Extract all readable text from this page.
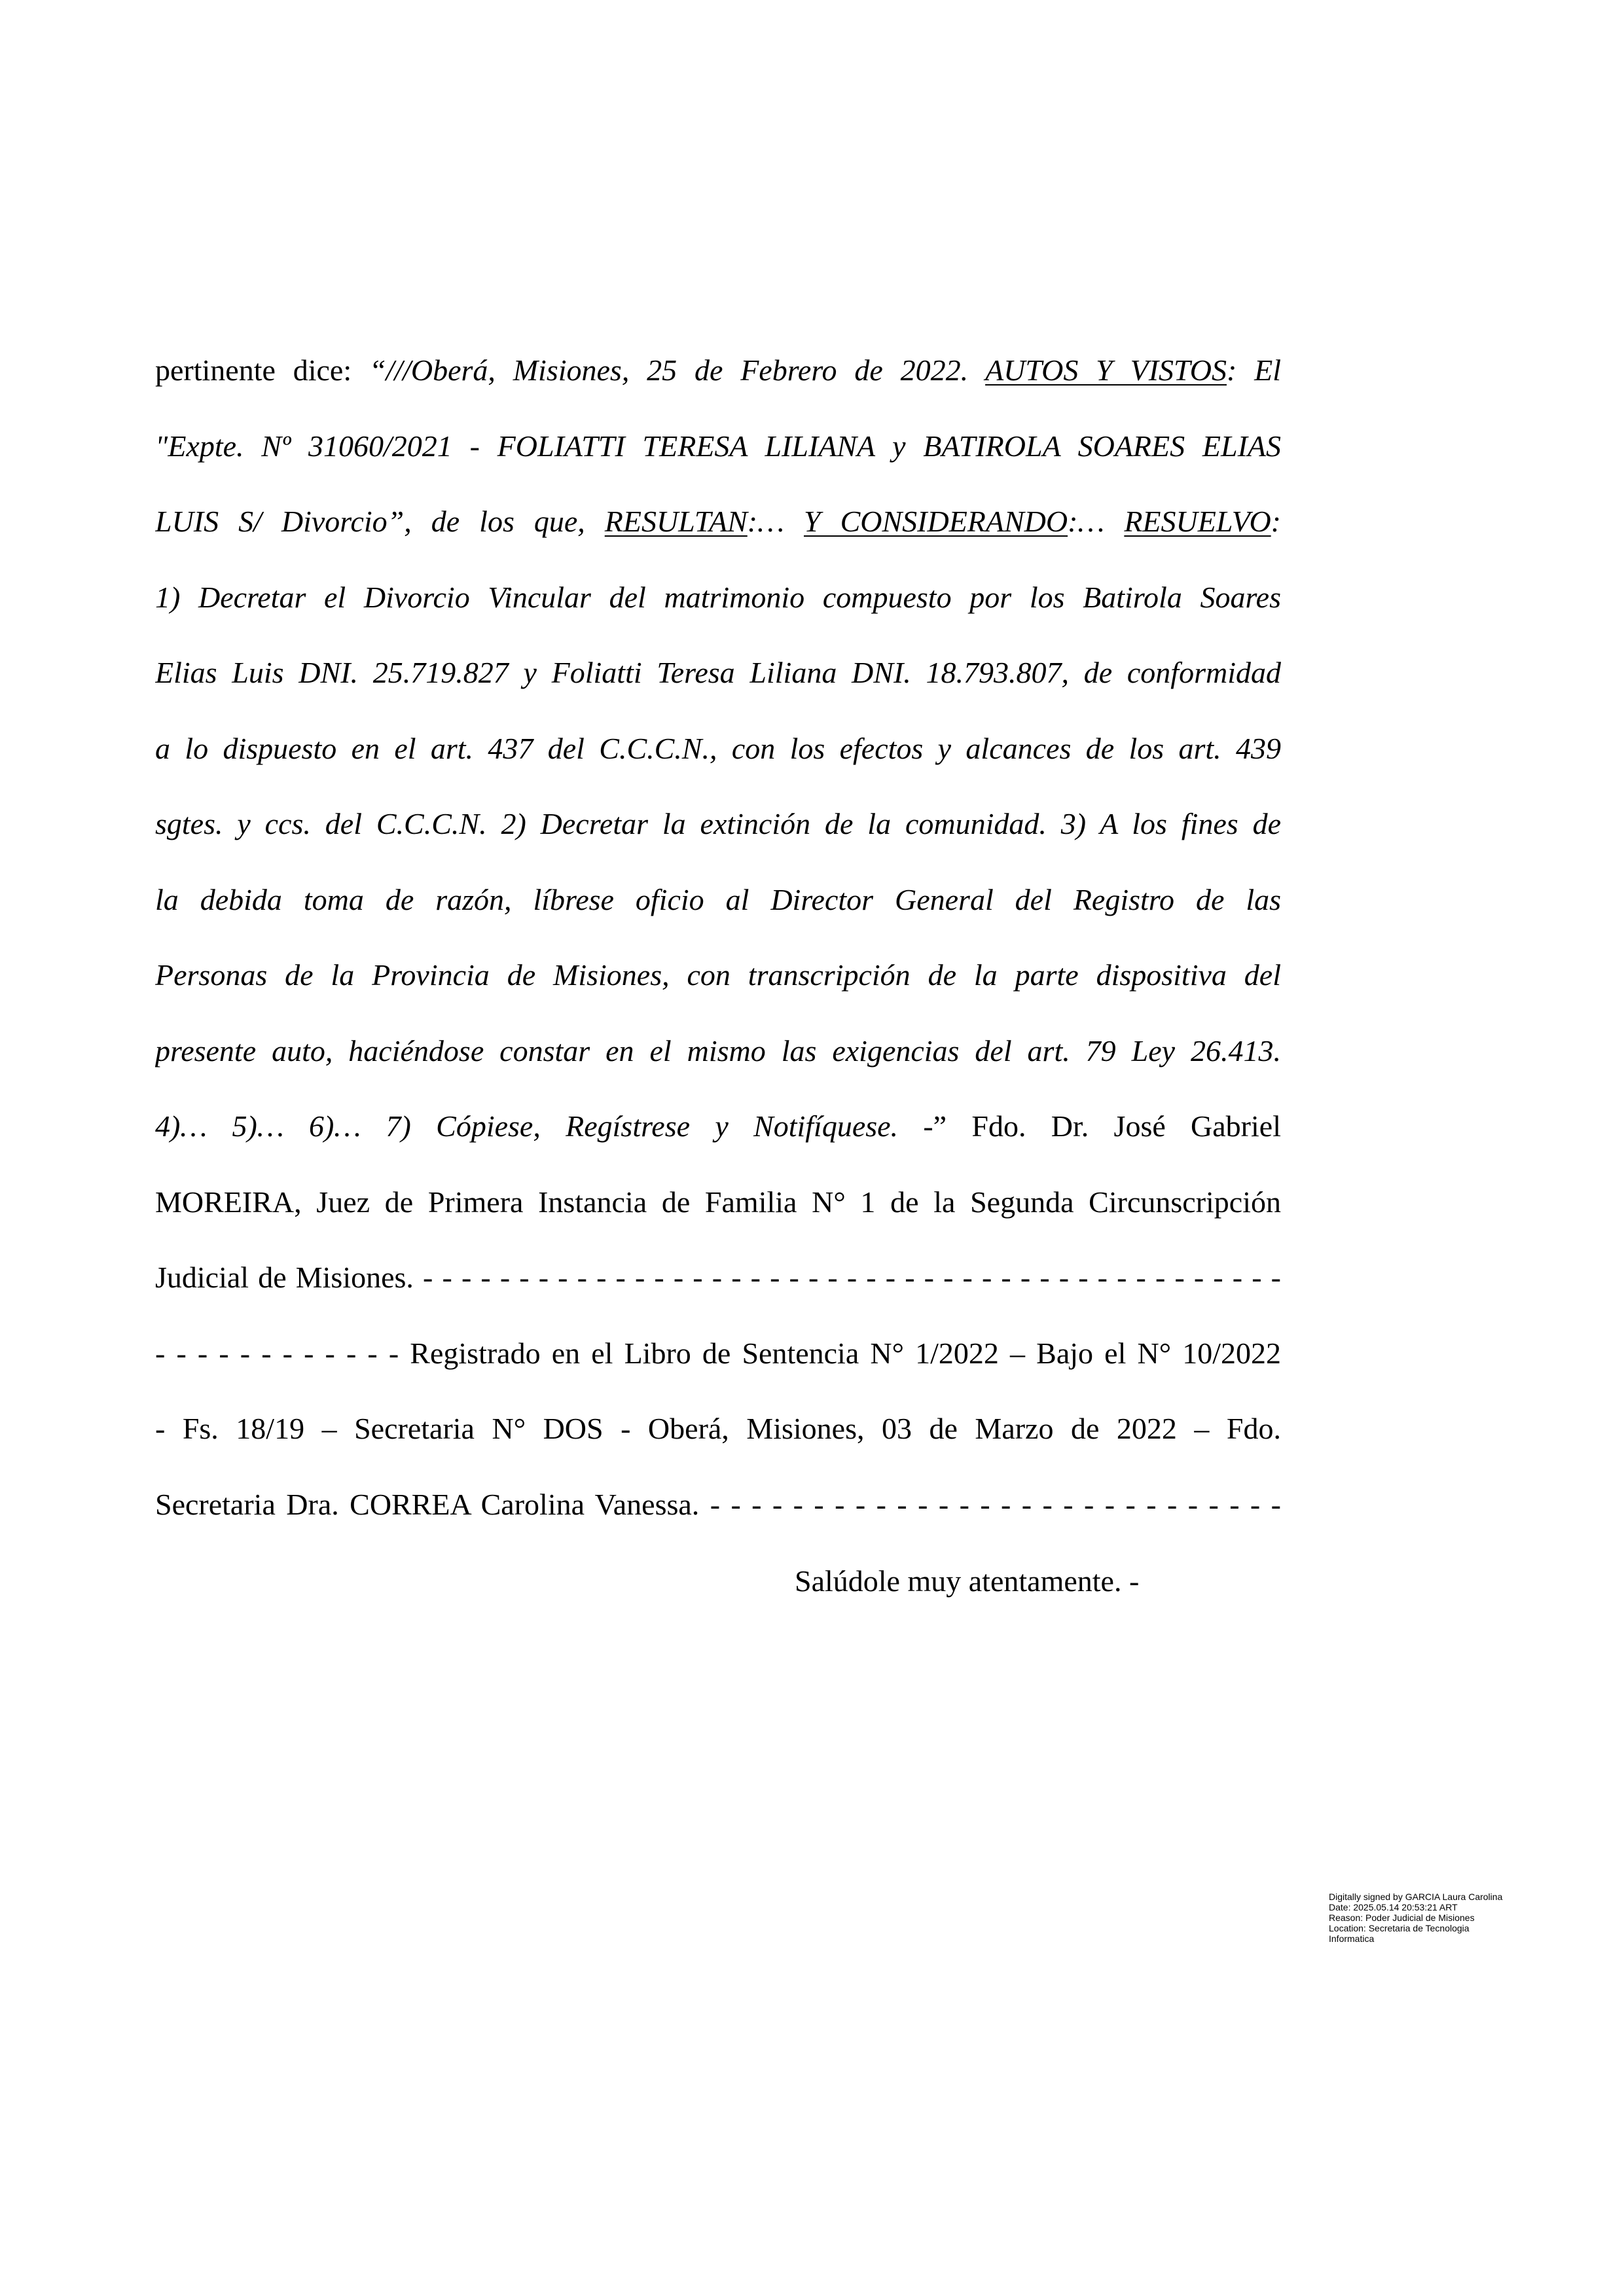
pertinente dice: “///Oberá, Misiones, 25 de Febrero de 2022. AUTOS Y VISTOS: El
"Expte. Nº 31060/2021 - FOLIATTI TERESA LILIANA y BATIROLA SOARES ELIAS
LUIS S/ Divorcio”, de los que, RESULTAN:… Y CONSIDERANDO:… RESUELVO:
1) Decretar el Divorcio Vincular del matrimonio compuesto por los Batirola Soares
Elias Luis DNI. 25.719.827 y Foliatti Teresa Liliana DNI. 18.793.807, de conformidad
a lo dispuesto en el art. 437 del C.C.C.N., con los efectos y alcances de los art. 439
sgtes. y ccs. del C.C.C.N. 2) Decretar la extinción de la comunidad. 3) A los fines de
la debida toma de razón, líbrese oficio al Director General del Registro de las
Personas de la Provincia de Misiones, con transcripción de la parte dispositiva del
presente auto, haciéndose constar en el mismo las exigencias del art. 79 Ley 26.413.
4)… 5)… 6)… 7) Cópiese, Regístrese y Notifíquese. -” Fdo. Dr. José Gabriel
MOREIRA, Juez de Primera Instancia de Familia N° 1 de la Segunda Circunscripción
Judicial de Misiones. - - - - - - - - - - - - - - - - - - - - - - - - - - - - - - - - - - - - - - - - - - - - -
- - - - - - - - - - - - Registrado en el Libro de Sentencia N° 1/2022 – Bajo el N° 10/2022
- Fs. 18/19 – Secretaria N° DOS - Oberá, Misiones, 03 de Marzo de 2022 – Fdo.
Secretaria Dra. CORREA Carolina Vanessa. - - - - - - - - - - - - - - - - - - - - - - - - - - - -
Salúdole muy atentamente. -
Digitally signed by GARCIA Laura Carolina
Date: 2025.05.14 20:53:21 ART
Reason: Poder Judicial de Misiones
Location: Secretaria de Tecnologia
Informatica
